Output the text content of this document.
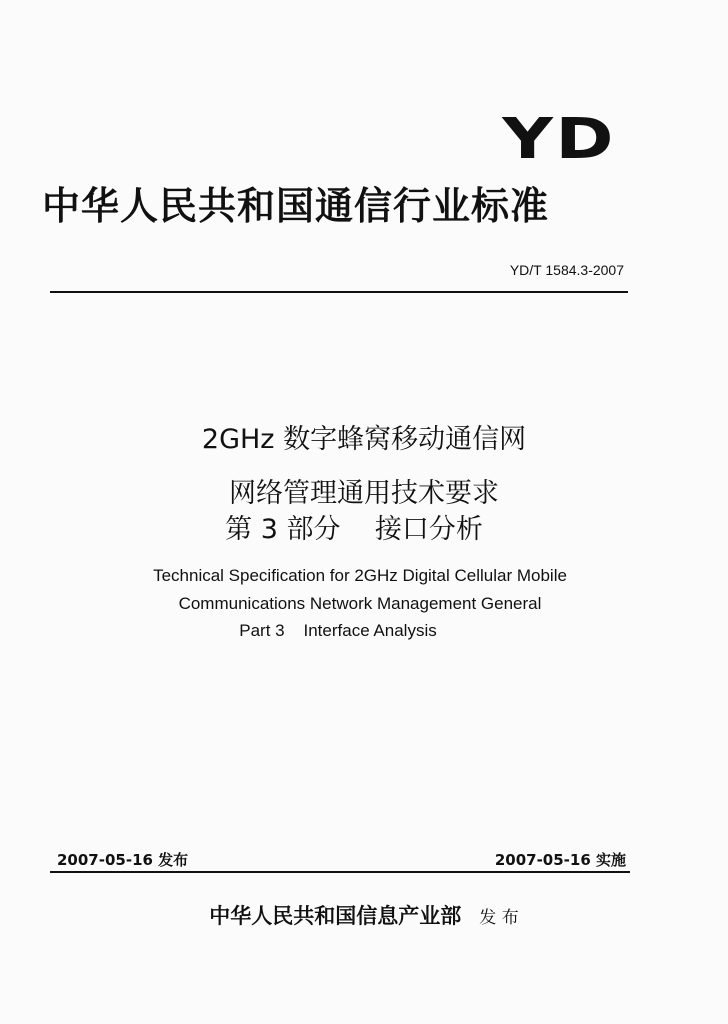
YD
中华人民共和国通信行业标准
YD/T 1584.3-2007
2GHz 数字蜂窝移动通信网
网络管理通用技术要求
第 3 部分    接口分析
Technical Specification for 2GHz Digital Cellular Mobile
Communications Network Management General
Part 3    Interface Analysis
2007-05-16 发布	2007-05-16 实施
中华人民共和国信息产业部 发 布
